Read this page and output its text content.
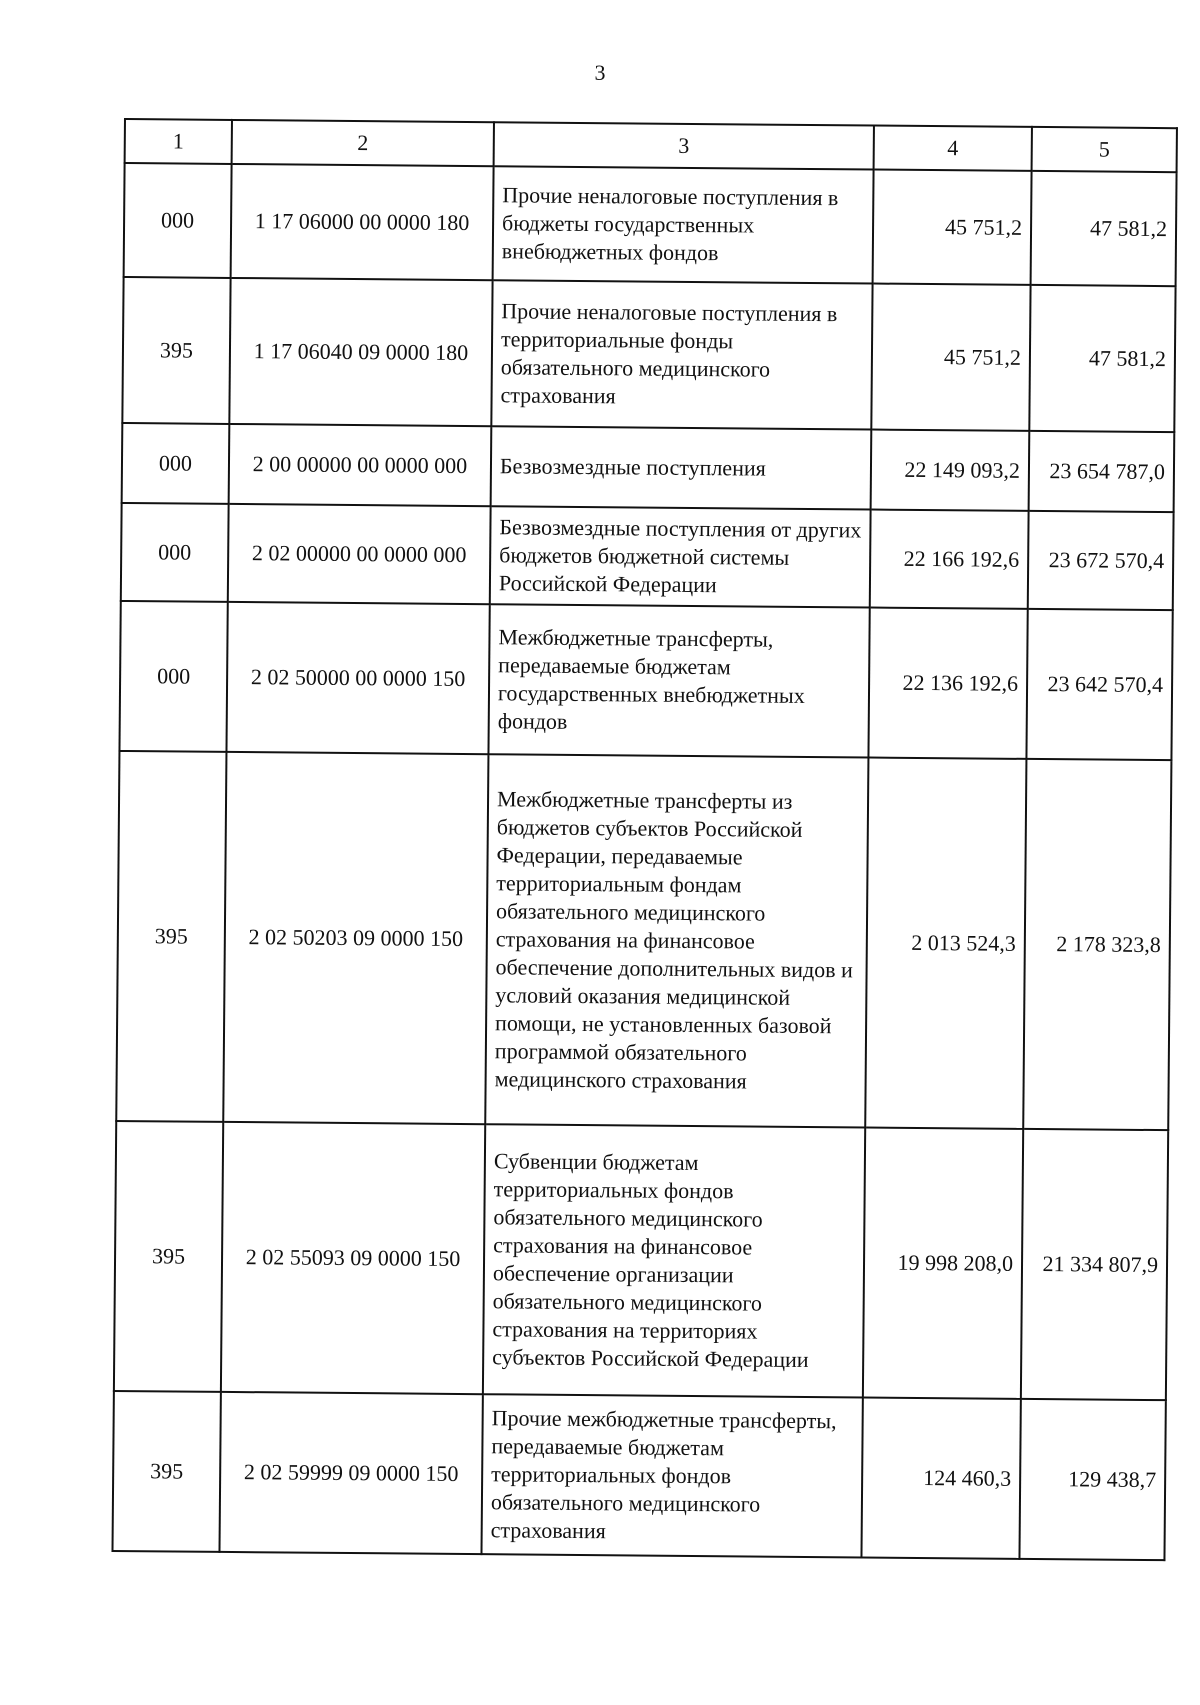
3
1	2	3	4	5
000	1 17 06000 00 0000 180	Прочие неналоговые поступления в бюджеты государственных внебюджетных фондов	45 751,2	47 581,2
395	1 17 06040 09 0000 180	Прочие неналоговые поступления в территориальные фонды обязательного медицинского страхования	45 751,2	47 581,2
000	2 00 00000 00 0000 000	Безвозмездные поступления	22 149 093,2	23 654 787,0
000	2 02 00000 00 0000 000	Безвозмездные поступления от других бюджетов бюджетной системы Российской Федерации	22 166 192,6	23 672 570,4
000	2 02 50000 00 0000 150	Межбюджетные трансферты, передаваемые бюджетам государственных внебюджетных фондов	22 136 192,6	23 642 570,4
395	2 02 50203 09 0000 150	Межбюджетные трансферты из бюджетов субъектов Российской Федерации, передаваемые территориальным фондам обязательного медицинского страхования на финансовое обеспечение дополнительных видов и условий оказания медицинской помощи, не установленных базовой программой обязательного медицинского страхования	2 013 524,3	2 178 323,8
395	2 02 55093 09 0000 150	Субвенции бюджетам территориальных фондов обязательного медицинского страхования на финансовое обеспечение организации обязательного медицинского страхования на территориях субъектов Российской Федерации	19 998 208,0	21 334 807,9
395	2 02 59999 09 0000 150	Прочие межбюджетные трансферты, передаваемые бюджетам территориальных фондов обязательного медицинского страхования	124 460,3	129 438,7
